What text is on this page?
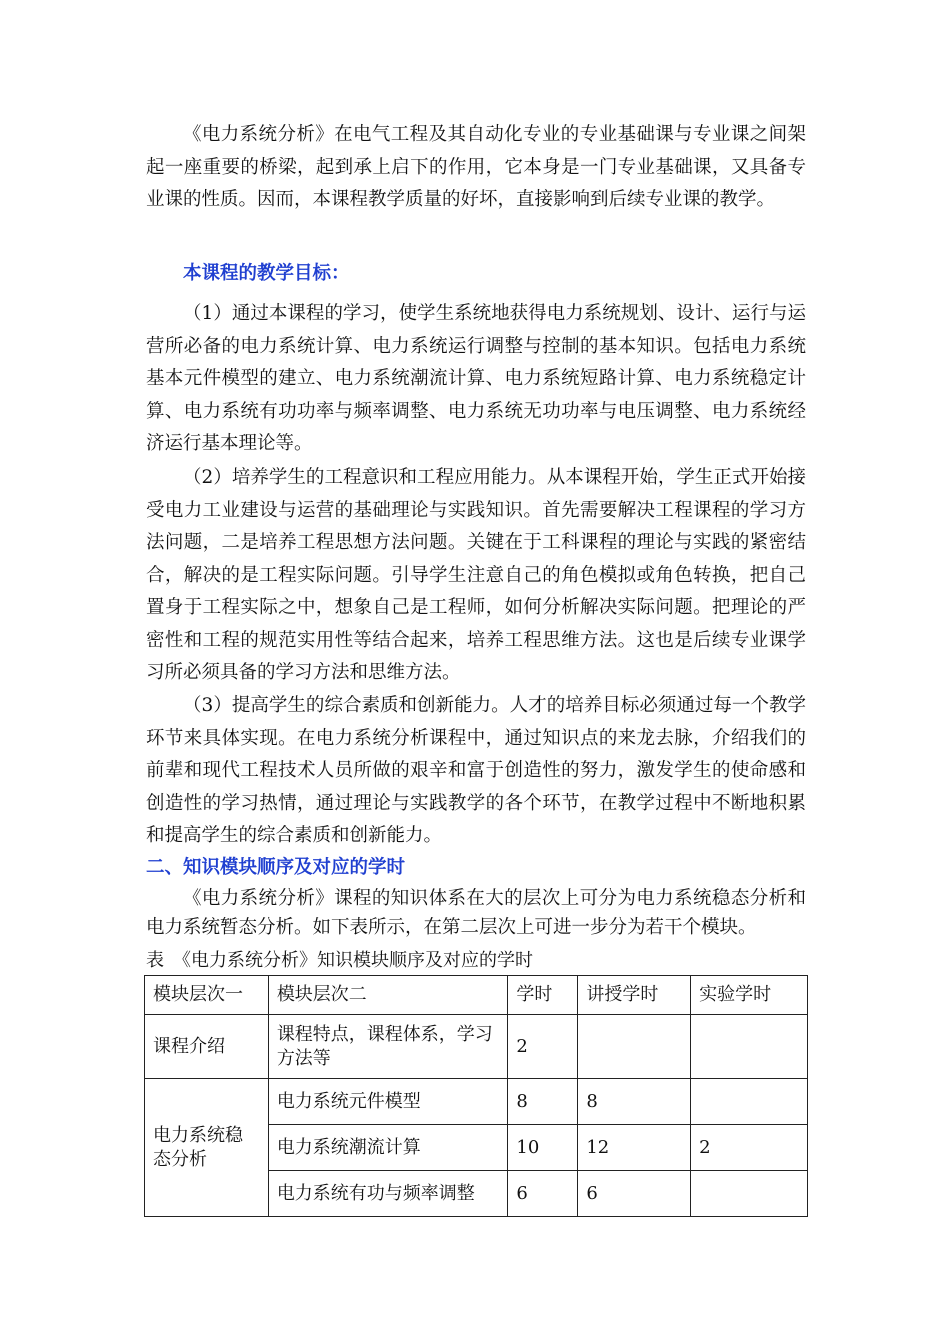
《电力系统分析》在电气工程及其自动化专业的专业基础课与专业课之间架起一座重要的桥梁，起到承上启下的作用，它本身是一门专业基础课，又具备专业课的性质。因而，本课程教学质量的好坏，直接影响到后续专业课的教学。

本课程的教学目标：

（1）通过本课程的学习，使学生系统地获得电力系统规划、设计、运行与运营所必备的电力系统计算、电力系统运行调整与控制的基本知识。包括电力系统基本元件模型的建立、电力系统潮流计算、电力系统短路计算、电力系统稳定计算、电力系统有功功率与频率调整、电力系统无功功率与电压调整、电力系统经济运行基本理论等。

（2）培养学生的工程意识和工程应用能力。从本课程开始，学生正式开始接受电力工业建设与运营的基础理论与实践知识。首先需要解决工程课程的学习方法问题，二是培养工程思想方法问题。关键在于工科课程的理论与实践的紧密结合，解决的是工程实际问题。引导学生注意自己的角色模拟或角色转换，把自己置身于工程实际之中，想象自己是工程师，如何分析解决实际问题。把理论的严密性和工程的规范实用性等结合起来，培养工程思维方法。这也是后续专业课学习所必须具备的学习方法和思维方法。

（3）提高学生的综合素质和创新能力。人才的培养目标必须通过每一个教学环节来具体实现。在电力系统分析课程中，通过知识点的来龙去脉，介绍我们的前辈和现代工程技术人员所做的艰辛和富于创造性的努力，激发学生的使命感和创造性的学习热情，通过理论与实践教学的各个环节，在教学过程中不断地积累和提高学生的综合素质和创新能力。

二、知识模块顺序及对应的学时

《电力系统分析》课程的知识体系在大的层次上可分为电力系统稳态分析和电力系统暂态分析。如下表所示，在第二层次上可进一步分为若干个模块。

表　《电力系统分析》知识模块顺序及对应的学时
模块层次一	模块层次二	学时	讲授学时	实验学时
课程介绍	课程特点，课程体系，学习方法等	2		
电力系统稳态分析	电力系统元件模型	8	8	
	电力系统潮流计算	10	12	2
	电力系统有功与频率调整	6	6	
